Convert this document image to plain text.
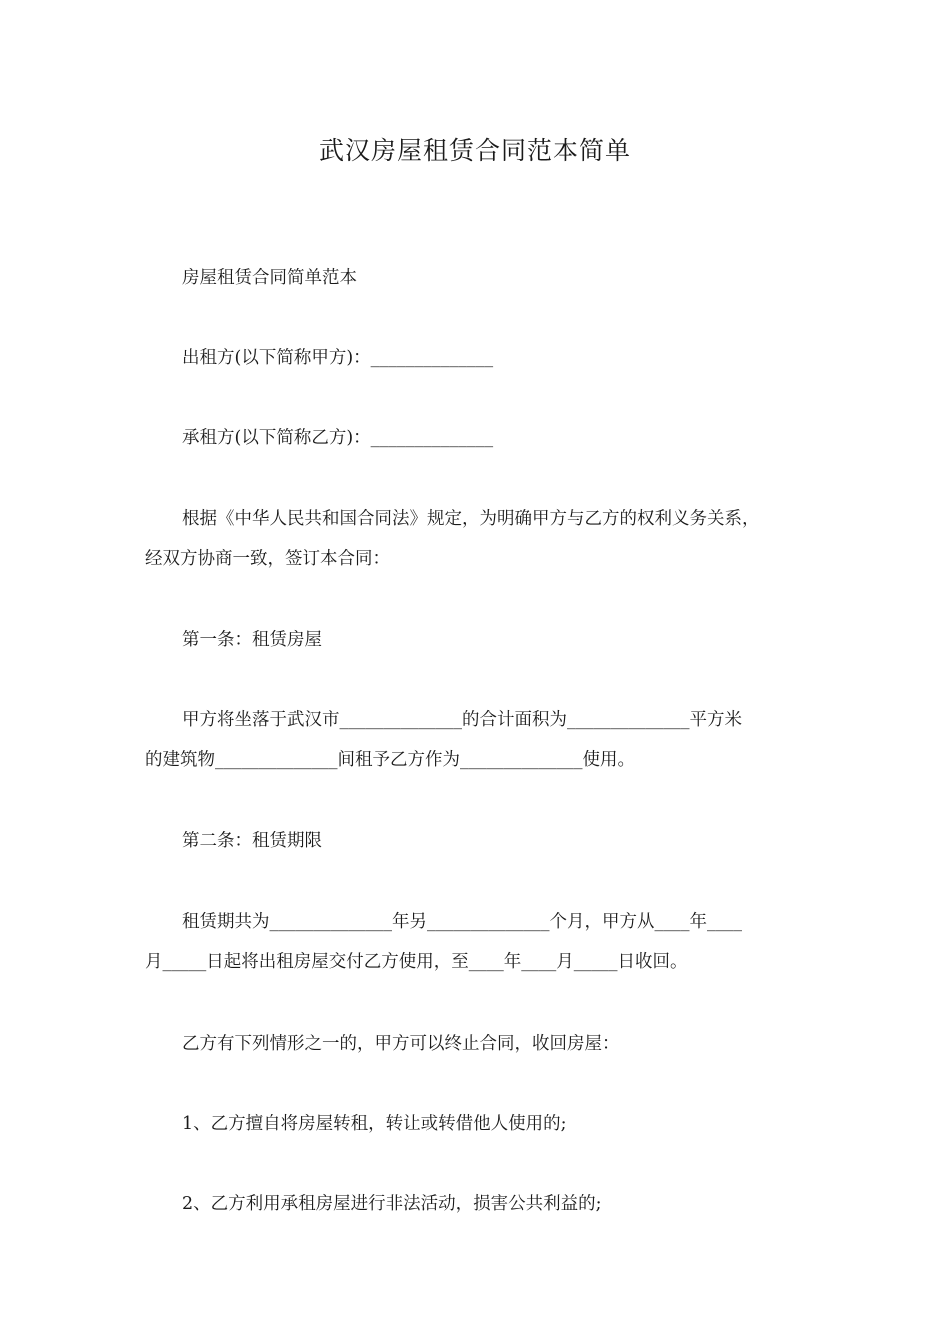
武汉房屋租赁合同范本简单
房屋租赁合同简单范本
出租方(以下简称甲方)：______________
承租方(以下简称乙方)：______________
根据《中华人民共和国合同法》规定，为明确甲方与乙方的权利义务关系，
经双方协商一致，签订本合同：
第一条：租赁房屋
甲方将坐落于武汉市______________的合计面积为______________平方米
的建筑物______________间租予乙方作为______________使用。
第二条：租赁期限
租赁期共为______________年另______________个月，甲方从____年____
月_____日起将出租房屋交付乙方使用，至____年____月_____日收回。
乙方有下列情形之一的，甲方可以终止合同，收回房屋：
1、乙方擅自将房屋转租，转让或转借他人使用的;
2、乙方利用承租房屋进行非法活动，损害公共利益的;
